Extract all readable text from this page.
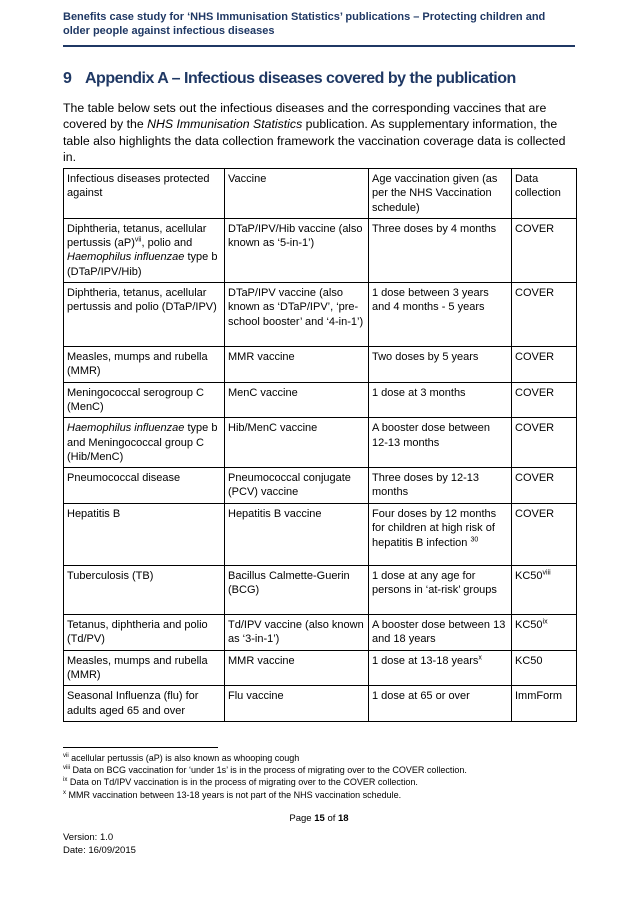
Benefits case study for ‘NHS Immunisation Statistics’ publications – Protecting children and older people against infectious diseases
9 Appendix A – Infectious diseases covered by the publication
The table below sets out the infectious diseases and the corresponding vaccines that are covered by the NHS Immunisation Statistics publication. As supplementary information, the table also highlights the data collection framework the vaccination coverage data is collected in.
Infectious diseases protected against	Vaccine	Age vaccination given (as per the NHS Vaccination schedule)	Data collection
Diphtheria, tetanus, acellular pertussis (aP)$^{vii}$, polio and Haemophilus influenzae type b (DTaP/IPV/Hib)	DTaP/IPV/Hib vaccine (also known as ‘5-in-1’)	Three doses by 4 months	COVER
Diphtheria, tetanus, acellular pertussis and polio (DTaP/IPV)	DTaP/IPV vaccine (also known as ‘DTaP/IPV’, ‘pre-school booster’ and ‘4-in-1’)	1 dose between 3 years and 4 months - 5 years	COVER
Measles, mumps and rubella (MMR)	MMR vaccine	Two doses by 5 years	COVER
Meningococcal serogroup C (MenC)	MenC vaccine	1 dose at 3 months	COVER
Haemophilus influenzae type b and Meningococcal group C (Hib/MenC)	Hib/MenC vaccine	A booster dose between 12-13 months	COVER
Pneumococcal disease	Pneumococcal conjugate (PCV) vaccine	Three doses by 12-13 months	COVER
Hepatitis B	Hepatitis B vaccine	Four doses by 12 months for children at high risk of hepatitis B infection $^{30}$	COVER
Tuberculosis (TB)	Bacillus Calmette-Guerin (BCG)	1 dose at any age for persons in ‘at-risk’ groups	KC50$^{viii}$
Tetanus, diphtheria and polio (Td/PV)	Td/IPV vaccine (also known as ‘3-in-1’)	A booster dose between 13 and 18 years	KC50$^{ix}$
Measles, mumps and rubella (MMR)	MMR vaccine	1 dose at 13-18 years$^x$	KC50
Seasonal Influenza (flu) for adults aged 65 and over	Flu vaccine	1 dose at 65 or over	ImmForm
$^{vii}$ acellular pertussis (aP) is also known as whooping cough
$^{viii}$ Data on BCG vaccination for ‘under 1s’ is in the process of migrating over to the COVER collection.
$^{ix}$ Data on Td/IPV vaccination is in the process of migrating over to the COVER collection.
$^x$ MMR vaccination between 13-18 years is not part of the NHS vaccination schedule.
Page 15 of 18
Version: 1.0
Date: 16/09/2015
